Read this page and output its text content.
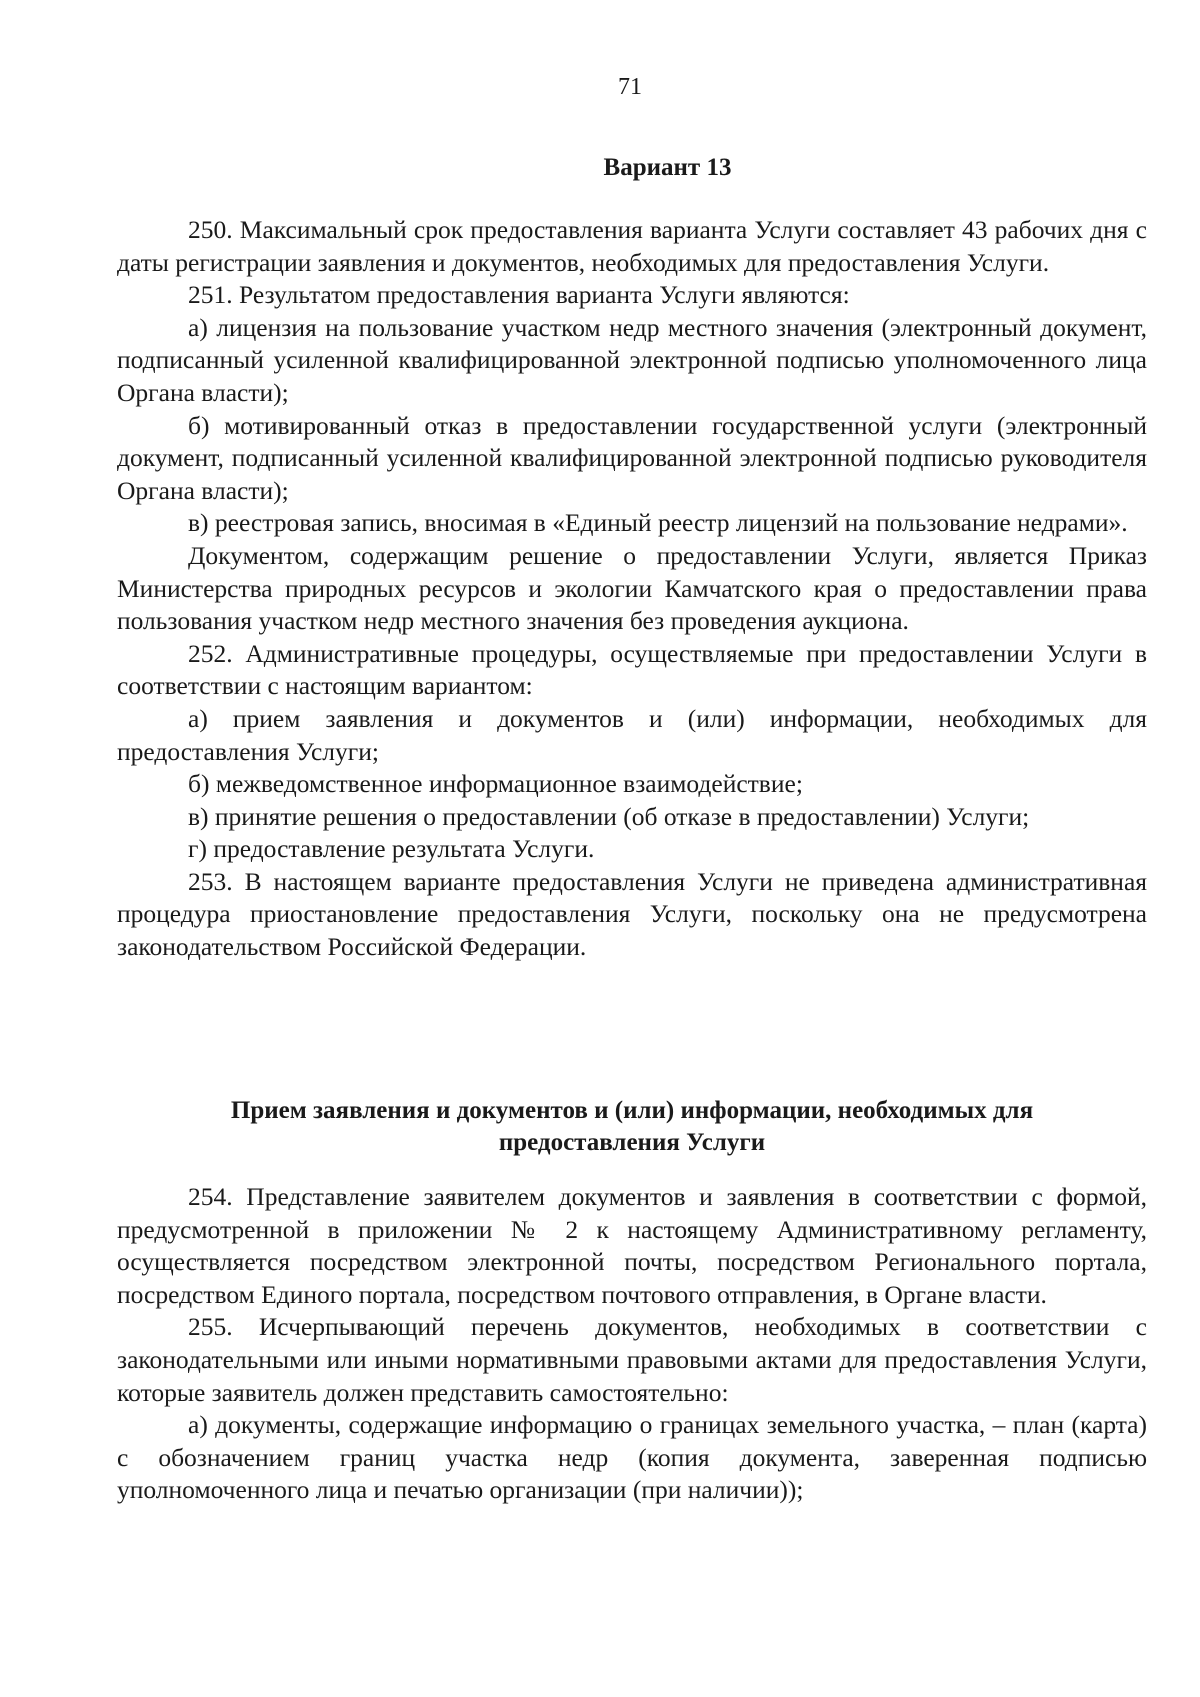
71
Вариант 13

250. Максимальный срок предоставления варианта Услуги составляет 43 рабочих дня с даты регистрации заявления и документов, необходимых для предоставления Услуги.

251. Результатом предоставления варианта Услуги являются:

а) лицензия на пользование участком недр местного значения (электронный документ, подписанный усиленной квалифицированной электронной подписью уполномоченного лица Органа власти);

б) мотивированный отказ в предоставлении государственной услуги (электронный документ, подписанный усиленной квалифицированной электронной подписью руководителя Органа власти);

в) реестровая запись, вносимая в «Единый реестр лицензий на пользование недрами».

Документом, содержащим решение о предоставлении Услуги, является Приказ Министерства природных ресурсов и экологии Камчатского края о предоставлении права пользования участком недр местного значения без проведения аукциона.

252. Административные процедуры, осуществляемые при предоставлении Услуги в соответствии с настоящим вариантом:

а) прием заявления и документов и (или) информации, необходимых для предоставления Услуги;

б) межведомственное информационное взаимодействие;

в) принятие решения о предоставлении (об отказе в предоставлении) Услуги;

г) предоставление результата Услуги.

253. В настоящем варианте предоставления Услуги не приведена административная процедура приостановление предоставления Услуги, поскольку она не предусмотрена законодательством Российской Федерации.

Прием заявления и документов и (или) информации, необходимых для предоставления Услуги

254. Представление заявителем документов и заявления в соответствии с формой, предусмотренной в приложении № 2 к настоящему Административному регламенту, осуществляется посредством электронной почты, посредством Регионального портала, посредством Единого портала, посредством почтового отправления, в Органе власти.

255. Исчерпывающий перечень документов, необходимых в соответствии с законодательными или иными нормативными правовыми актами для предоставления Услуги, которые заявитель должен представить самостоятельно:

а) документы, содержащие информацию о границах земельного участка, – план (карта) с обозначением границ участка недр (копия документа, заверенная подписью уполномоченного лица и печатью организации (при наличии));
